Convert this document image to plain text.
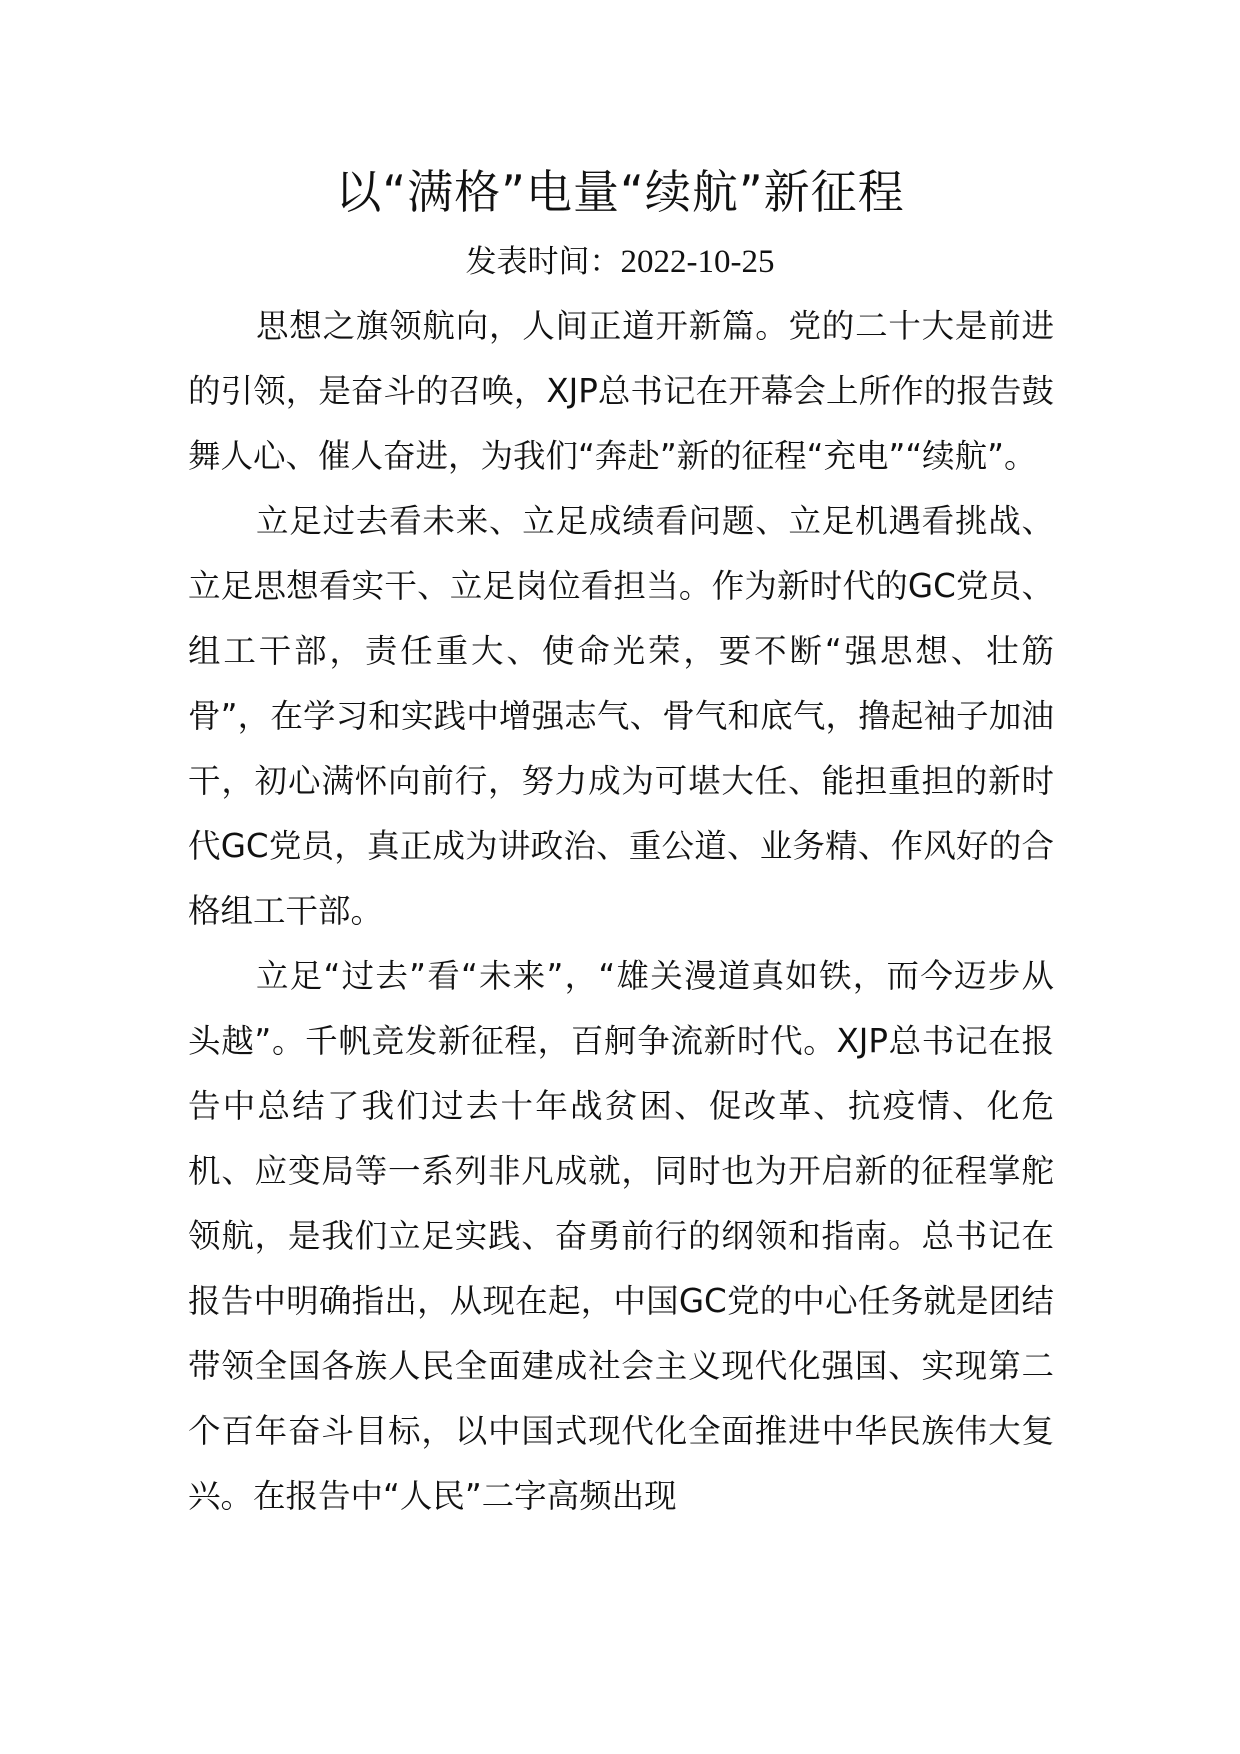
以“满格”电量“续航”新征程
发表时间：2022-10-25

思想之旗领航向，人间正道开新篇。党的二十大是前进的引领，是奋斗的召唤，XJP总书记在开幕会上所作的报告鼓舞人心、催人奋进，为我们“奔赴”新的征程“充电”“续航”。

立足过去看未来、立足成绩看问题、立足机遇看挑战、立足思想看实干、立足岗位看担当。作为新时代的GC党员、组工干部，责任重大、使命光荣，要不断“强思想、壮筋骨”，在学习和实践中增强志气、骨气和底气，撸起袖子加油干，初心满怀向前行，努力成为可堪大任、能担重担的新时代GC党员，真正成为讲政治、重公道、业务精、作风好的合格组工干部。

立足“过去”看“未来”，“雄关漫道真如铁，而今迈步从头越”。千帆竞发新征程，百舸争流新时代。XJP总书记在报告中总结了我们过去十年战贫困、促改革、抗疫情、化危机、应变局等一系列非凡成就，同时也为开启新的征程掌舵领航，是我们立足实践、奋勇前行的纲领和指南。总书记在报告中明确指出，从现在起，中国GC党的中心任务就是团结带领全国各族人民全面建成社会主义现代化强国、实现第二个百年奋斗目标，以中国式现代化全面推进中华民族伟大复兴。在报告中“人民”二字高频出现
